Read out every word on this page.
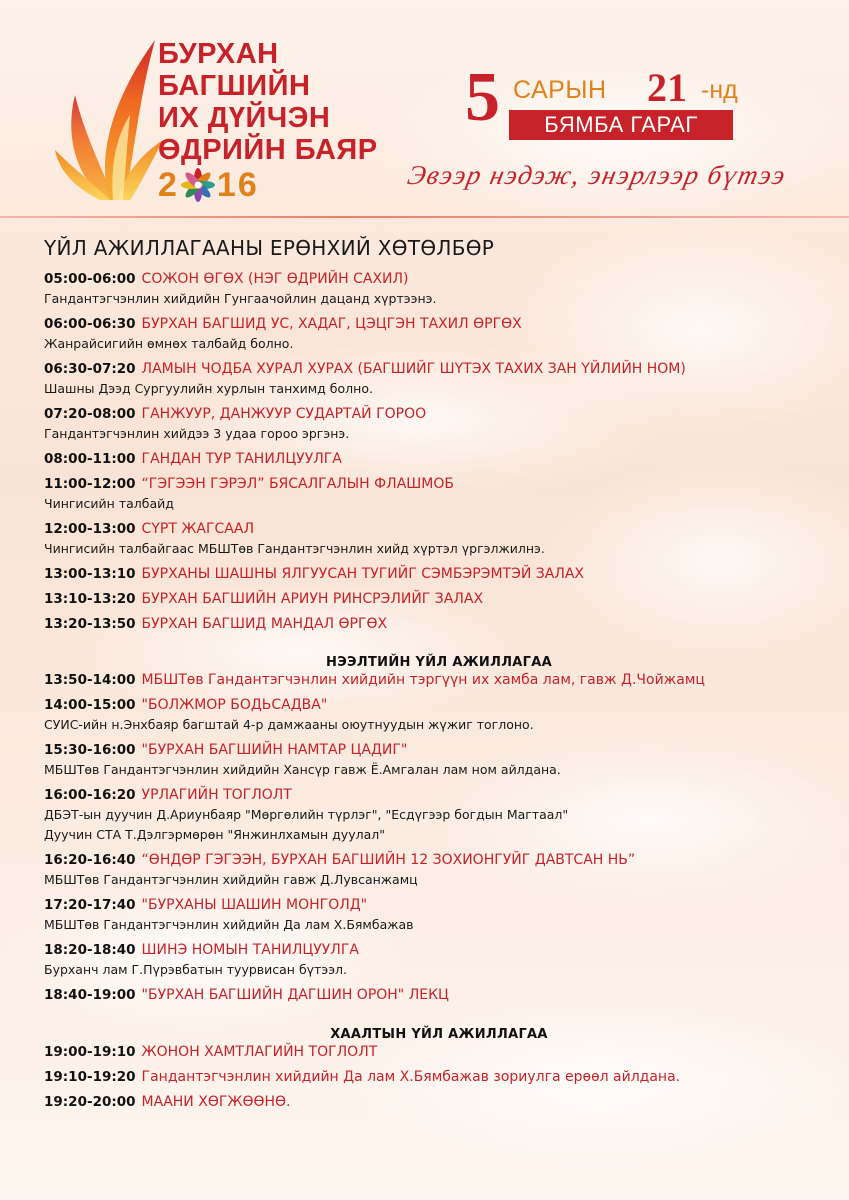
БУРХАН
БАГШИЙН
ИХ ДҮЙЧЭН
ӨДРИЙН БАЯР
2 16
5 САРЫН 21 -нд
БЯМБА ГАРАГ
Эвээр нэдэж, энэрлээр бүтээ
ҮЙЛ АЖИЛЛАГААНЫ ЕРӨНХИЙ ХӨТӨЛБӨР
05:00-06:00 СОЖОН ӨГӨХ (НЭГ ӨДРИЙН САХИЛ)
Гандантэгчэнлин хийдийн Гунгаачойлин дацанд хүртээнэ.
06:00-06:30 БУРХАН БАГШИД УС, ХАДАГ, ЦЭЦГЭН ТАХИЛ ӨРГӨХ
Жанрайсигийн өмнөх талбайд болно.
06:30-07:20 ЛАМЫН ЧОДБА ХУРАЛ ХУРАХ (БАГШИЙГ ШҮТЭХ ТАХИХ ЗАН ҮЙЛИЙН НОМ)
Шашны Дээд Сургуулийн хурлын танхимд болно.
07:20-08:00 ГАНЖУУР, ДАНЖУУР СУДАРТАЙ ГОРОО
Гандантэгчэнлин хийдээ 3 удаа горoo эргэнэ.
08:00-11:00 ГАНДАН ТУР ТАНИЛЦУУЛГА
11:00-12:00 “ГЭГЭЭН ГЭРЭЛ” БЯСАЛГАЛЫН ФЛАШМОБ
Чингисийн талбайд
12:00-13:00 СҮРТ ЖАГСААЛ
Чингисийн талбайгаас МБШТөв Гандантэгчэнлин хийд хүртэл үргэлжилнэ.
13:00-13:10 БУРХАНЫ ШАШНЫ ЯЛГУУСАН ТУГИЙГ СЭМБЭРЭМТЭЙ ЗАЛАХ
13:10-13:20 БУРХАН БАГШИЙН АРИУН РИНСРЭЛИЙГ ЗАЛАХ
13:20-13:50 БУРХАН БАГШИД МАНДАЛ ӨРГӨХ
НЭЭЛТИЙН ҮЙЛ АЖИЛЛАГАА
13:50-14:00 МБШТөв Гандантэгчэнлин хийдийн тэргүүн их хамба лам, гавж Д.Чойжамц
14:00-15:00 "БОЛЖМОР БОДЬСАДВА"
СУИС-ийн н.Энхбаяр багштай 4-р дамжааны оюутнуудын жүжиг тоглоно.
15:30-16:00 "БУРХАН БАГШИЙН НАМТАР ЦАДИГ"
МБШТөв Гандантэгчэнлин хийдийн Хансүр гавж Ё.Амгалан лам ном айлдана.
16:00-16:20 УРЛАГИЙН ТОГЛОЛТ
ДБЭТ-ын дуучин Д.Ариунбаяр "Мөргөлийн түрлэг", "Есдүгээр богдын Магтаал"
Дуучин СТА Т.Дэлгэрмөрөн "Янжинлхамын дуулал"
16:20-16:40 “ӨНДӨР ГЭГЭЭН, БУРХАН БАГШИЙН 12 ЗОХИОНГУЙГ ДАВТСАН НЬ”
МБШТөв Гандантэгчэнлин хийдийн гавж Д.Лувсанжамц
17:20-17:40 "БУРХАНЫ ШАШИН МОНГОЛД"
МБШТөв Гандантэгчэнлин хийдийн Да лам Х.Бямбажав
18:20-18:40 ШИНЭ НОМЫН ТАНИЛЦУУЛГА
Бурханч лам Г.Пүрэвбатын туурвисан бүтээл.
18:40-19:00 "БУРХАН БАГШИЙН ДАГШИН ОРОН" ЛЕКЦ
ХААЛТЫН ҮЙЛ АЖИЛЛАГАА
19:00-19:10 ЖОНОН ХАМТЛАГИЙН ТОГЛОЛТ
19:10-19:20 Гандантэгчэнлин хийдийн Да лам Х.Бямбажав зориулга ерөөл айлдана.
19:20-20:00 МААНИ ХӨГЖӨӨНӨ.
